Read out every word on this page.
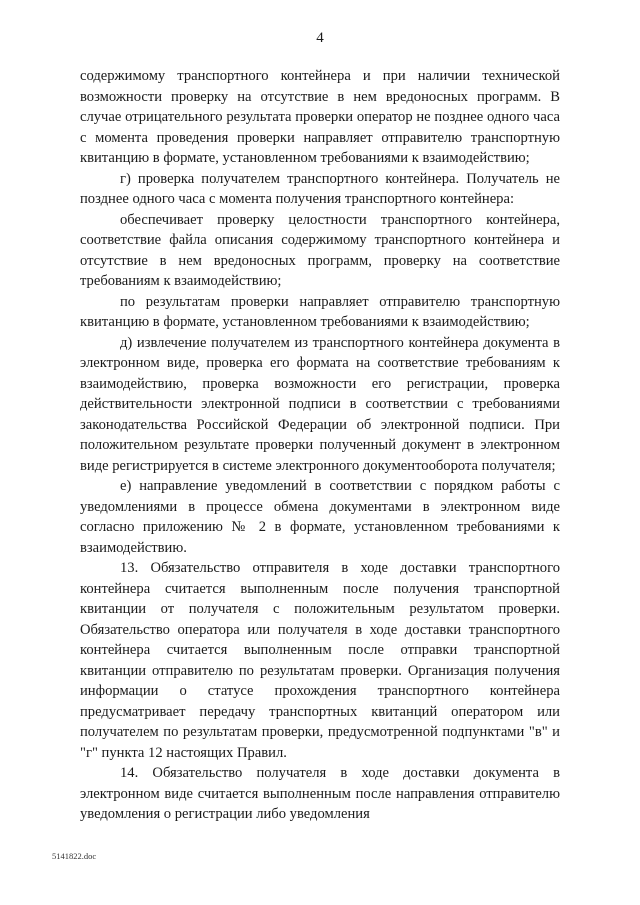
4

содержимому транспортного контейнера и при наличии технической возможности проверку на отсутствие в нем вредоносных программ. В случае отрицательного результата проверки оператор не позднее одного часа с момента проведения проверки направляет отправителю транспортную квитанцию в формате, установленном требованиями к взаимодействию;

г) проверка получателем транспортного контейнера. Получатель не позднее одного часа с момента получения транспортного контейнера:

обеспечивает проверку целостности транспортного контейнера, соответствие файла описания содержимому транспортного контейнера и отсутствие в нем вредоносных программ, проверку на соответствие требованиям к взаимодействию;

по результатам проверки направляет отправителю транспортную квитанцию в формате, установленном требованиями к взаимодействию;

д) извлечение получателем из транспортного контейнера документа в электронном виде, проверка его формата на соответствие требованиям к взаимодействию, проверка возможности его регистрации, проверка действительности электронной подписи в соответствии с требованиями законодательства Российской Федерации об электронной подписи. При положительном результате проверки полученный документ в электронном виде регистрируется в системе электронного документооборота получателя;

е) направление уведомлений в соответствии с порядком работы с уведомлениями в процессе обмена документами в электронном виде согласно приложению № 2 в формате, установленном требованиями к взаимодействию.

13. Обязательство отправителя в ходе доставки транспортного контейнера считается выполненным после получения транспортной квитанции от получателя с положительным результатом проверки. Обязательство оператора или получателя в ходе доставки транспортного контейнера считается выполненным после отправки транспортной квитанции отправителю по результатам проверки. Организация получения информации о статусе прохождения транспортного контейнера предусматривает передачу транспортных квитанций оператором или получателем по результатам проверки, предусмотренной подпунктами "в" и "г" пункта 12 настоящих Правил.

14. Обязательство получателя в ходе доставки документа в электронном виде считается выполненным после направления отправителю уведомления о регистрации либо уведомления

5141822.doc
